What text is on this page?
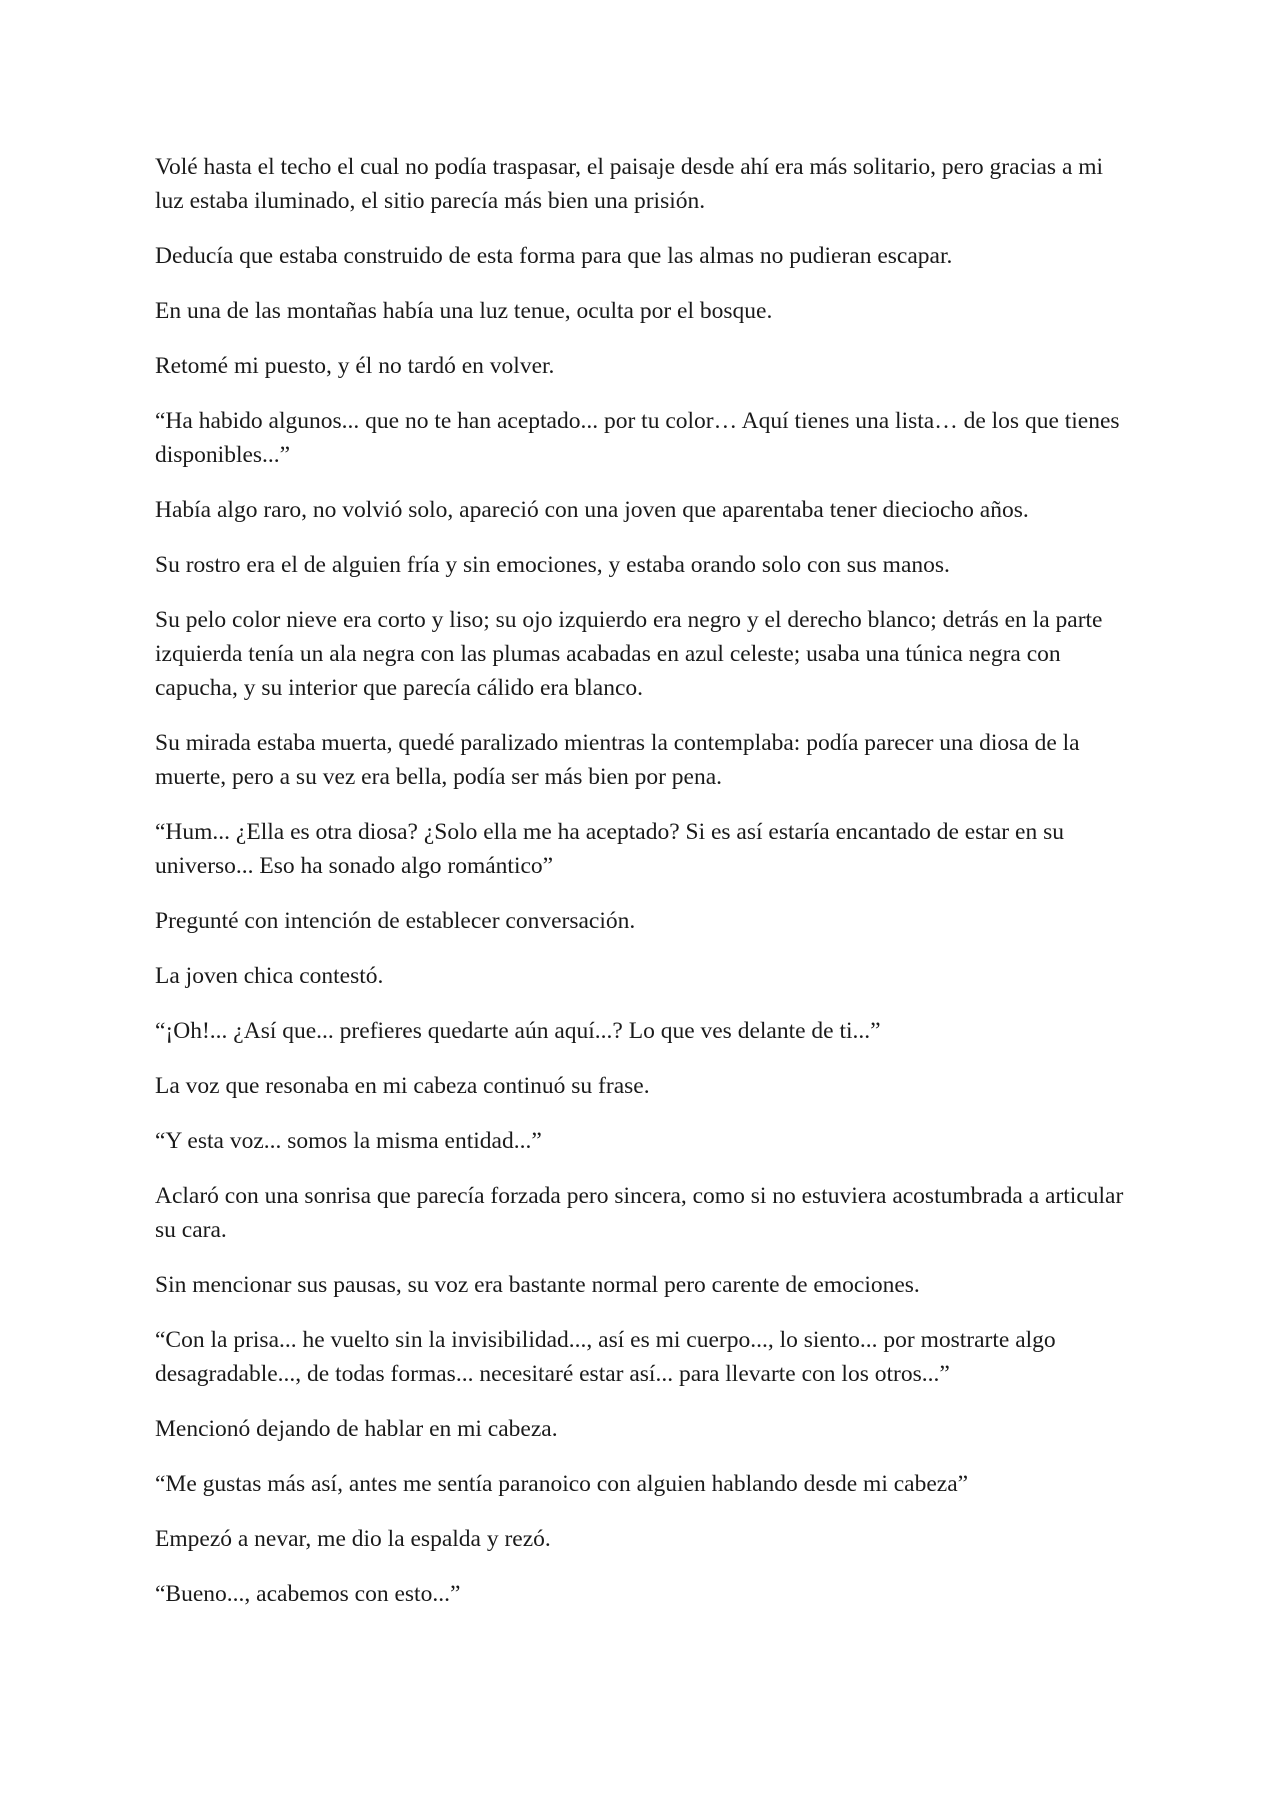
Volé hasta el techo el cual no podía traspasar, el paisaje desde ahí era más solitario, pero gracias a mi luz estaba iluminado, el sitio parecía más bien una prisión.

Deducía que estaba construido de esta forma para que las almas no pudieran escapar.

En una de las montañas había una luz tenue, oculta por el bosque.

Retomé mi puesto, y él no tardó en volver.

“Ha habido algunos... que no te han aceptado... por tu color… Aquí tienes una lista… de los que tienes disponibles...”

Había algo raro, no volvió solo, apareció con una joven que aparentaba tener dieciocho años.

Su rostro era el de alguien fría y sin emociones, y estaba orando solo con sus manos.

Su pelo color nieve era corto y liso; su ojo izquierdo era negro y el derecho blanco; detrás en la parte izquierda tenía un ala negra con las plumas acabadas en azul celeste; usaba una túnica negra con capucha, y su interior que parecía cálido era blanco.

Su mirada estaba muerta, quedé paralizado mientras la contemplaba: podía parecer una diosa de la muerte, pero a su vez era bella, podía ser más bien por pena.

“Hum... ¿Ella es otra diosa? ¿Solo ella me ha aceptado? Si es así estaría encantado de estar en su universo... Eso ha sonado algo romántico”

Pregunté con intención de establecer conversación.

La joven chica contestó.

“¡Oh!... ¿Así que... prefieres quedarte aún aquí...? Lo que ves delante de ti...”

La voz que resonaba en mi cabeza continuó su frase.

“Y esta voz... somos la misma entidad...”

Aclaró con una sonrisa que parecía forzada pero sincera, como si no estuviera acostumbrada a articular su cara.

Sin mencionar sus pausas, su voz era bastante normal pero carente de emociones.

“Con la prisa... he vuelto sin la invisibilidad..., así es mi cuerpo..., lo siento... por mostrarte algo desagradable..., de todas formas... necesitaré estar así... para llevarte con los otros...”

Mencionó dejando de hablar en mi cabeza.

“Me gustas más así, antes me sentía paranoico con alguien hablando desde mi cabeza”

Empezó a nevar, me dio la espalda y rezó.

“Bueno..., acabemos con esto...”
